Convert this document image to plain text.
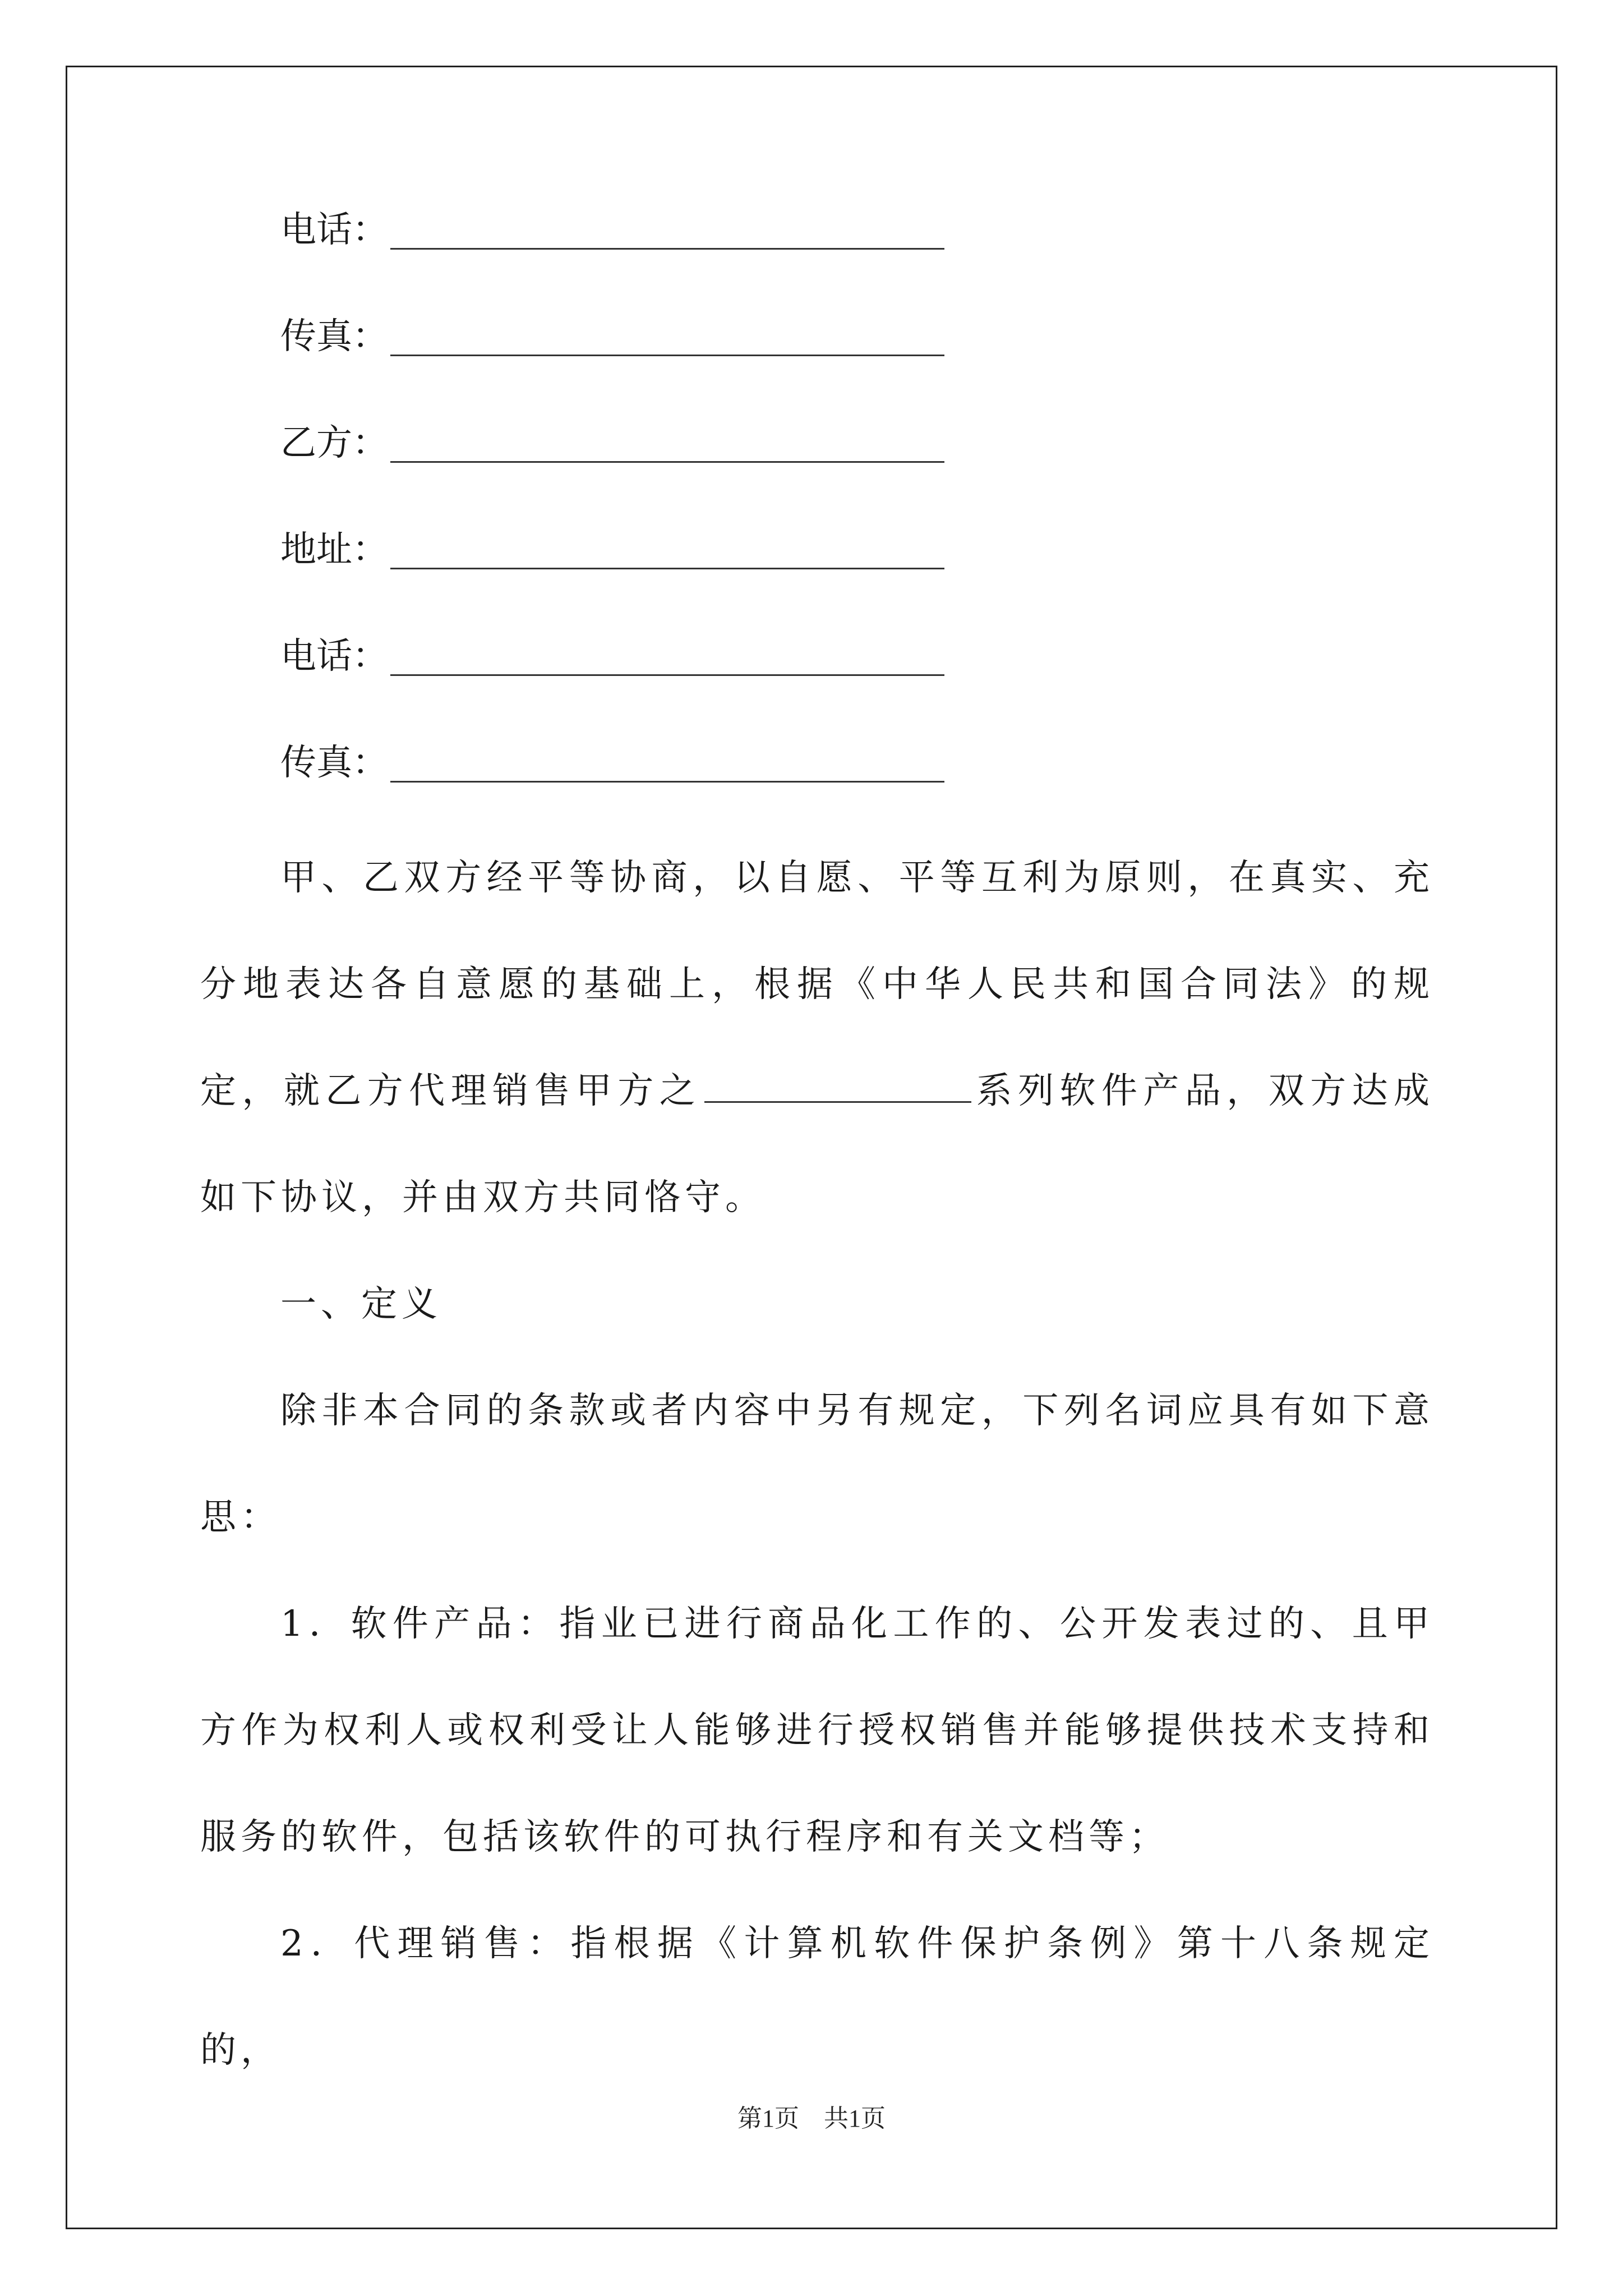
电话：
传真：
乙方：
地址：
电话：
传真：

甲、乙双方经平等协商，以自愿、平等互利为原则，在真实、充分地表达各自意愿的基础上，根据《中华人民共和国合同法》的规定，就乙方代理销售甲方之	系列软件产品，双方达成如下协议，并由双方共同恪守。

一、定义

除非本合同的条款或者内容中另有规定，下列名词应具有如下意思：

1．软件产品：指业已进行商品化工作的、公开发表过的、且甲方作为权利人或权利受让人能够进行授权销售并能够提供技术支持和服务的软件，包括该软件的可执行程序和有关文档等；

2．代理销售：指根据《计算机软件保护条例》第十八条规定的，

第1页　共1页
